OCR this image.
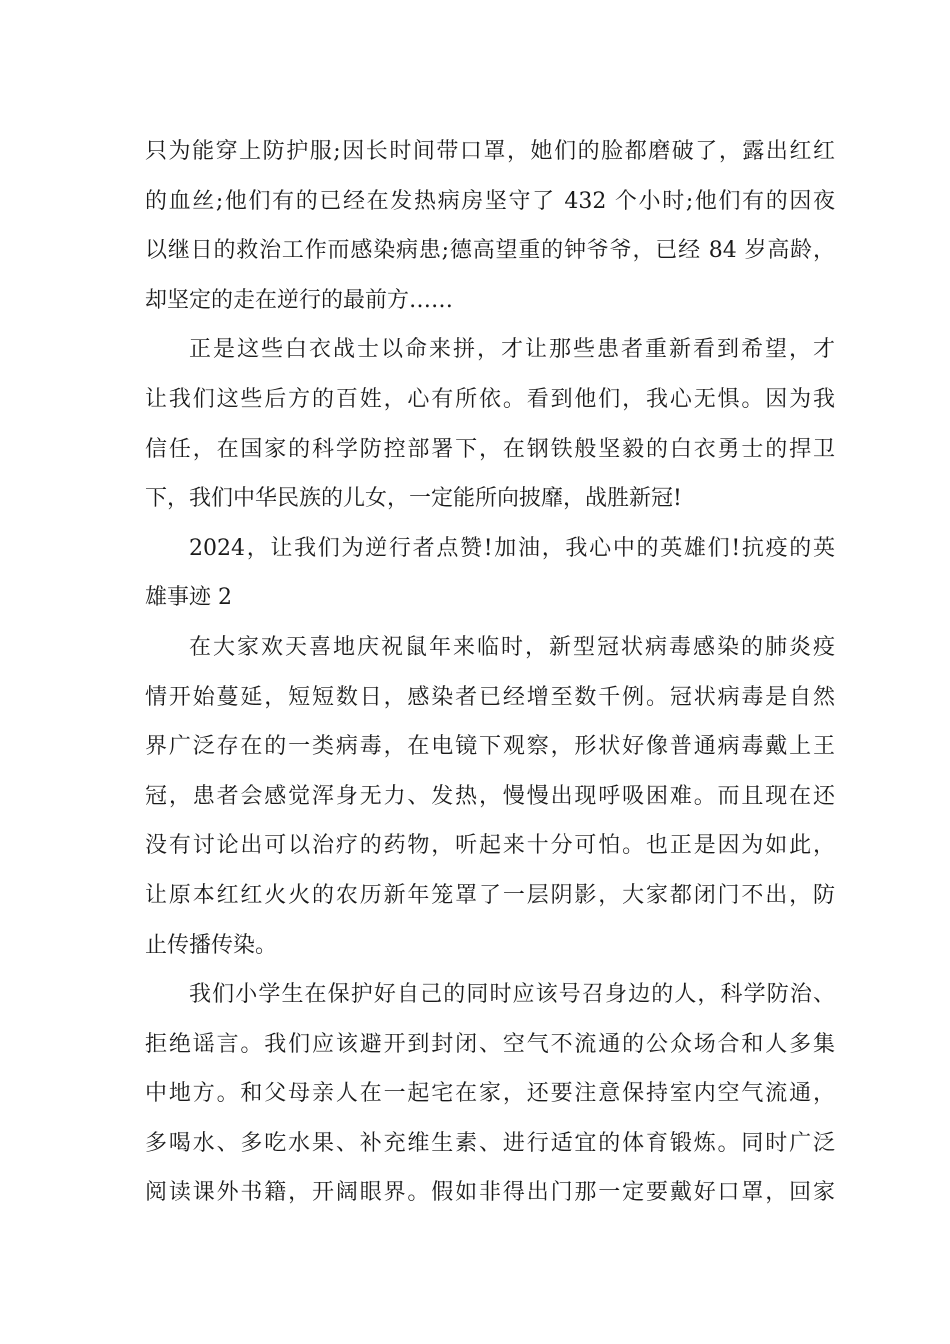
只为能穿上防护服;因长时间带口罩，她们的脸都磨破了，露出红红
的血丝;他们有的已经在发热病房坚守了 432 个小时;他们有的因夜
以继日的救治工作而感染病患;德高望重的钟爷爷，已经 84 岁高龄，
却坚定的走在逆行的最前方……
正是这些白衣战士以命来拼，才让那些患者重新看到希望，才
让我们这些后方的百姓，心有所依。看到他们，我心无惧。因为我
信任，在国家的科学防控部署下，在钢铁般坚毅的白衣勇士的捍卫
下，我们中华民族的儿女，一定能所向披靡，战胜新冠!
2024，让我们为逆行者点赞!加油，我心中的英雄们!抗疫的英
雄事迹 2
在大家欢天喜地庆祝鼠年来临时，新型冠状病毒感染的肺炎疫
情开始蔓延，短短数日，感染者已经增至数千例。冠状病毒是自然
界广泛存在的一类病毒，在电镜下观察，形状好像普通病毒戴上王
冠，患者会感觉浑身无力、发热，慢慢出现呼吸困难。而且现在还
没有讨论出可以治疗的药物，听起来十分可怕。也正是因为如此，
让原本红红火火的农历新年笼罩了一层阴影，大家都闭门不出，防
止传播传染。
我们小学生在保护好自己的同时应该号召身边的人，科学防治、
拒绝谣言。我们应该避开到封闭、空气不流通的公众场合和人多集
中地方。和父母亲人在一起宅在家，还要注意保持室内空气流通，
多喝水、多吃水果、补充维生素、进行适宜的体育锻炼。同时广泛
阅读课外书籍，开阔眼界。假如非得出门那一定要戴好口罩，回家
